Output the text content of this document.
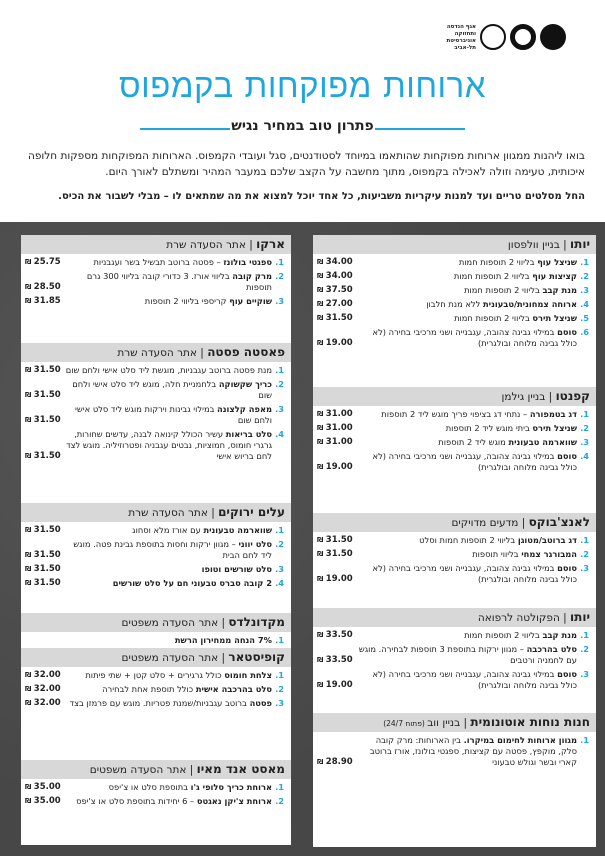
אגף הנדסה
ותחזוקה
אוניברסיטת תל-אביב
ארוחות מפוקחות בקמפוס
פתרון טוב במחיר נגיש
בואו ליהנות ממגוון ארוחות מפוקחות שהותאמו במיוחד לסטודנטים, סגל ועובדי הקמפוס. הארוחות המפוקחות מספקות חלופה איכותית, טעימה וזולה לאכילה בקמפוס, מתוך מחשבה על הקצב שלכם במעבר המהיר ומשתלם לאורך היום.
החל מסלטים טריים ועד למנות עיקריות משביעות, כל אחד יוכל למצוא את מה שמתאים לו – מבלי לשבור את הכיס.
ארקו | אתר הסעדה שרת
1.
ספגטי בולונז – פסטה ברוטב תבשיל בשר ועגבניות
₪ 25.75
2.
מרק קובה בליווי אורז. 3 כדורי קובה בליווי 300 גרם תוספות
₪ 28.50
3.
שוקיים עוף קריספי בליווי 2 תוספות
₪ 31.85
פאסטה פסטה | אתר הסעדה שרת
1.
מנת פסטה ברוטב עגבניות, מוגשת ליד סלט אישי ולחם שום
₪ 31.50
2.
כריך שקשוקה בלחמניית חלה, מוגש ליד סלט אישי ולחם שום
₪ 31.50
3.
מאפה קלצונה במילוי גבינות וירקות מוגש ליד סלט אישי ולחם שום
₪ 31.50
4.
סלט בריאות עשיר הכולל קינואה לבנה, עדשים שחורות, גרגרי חומוס, חמוציות, נבטים עגבניה ופטרוזיליה. מוגש לצד לחם בריוש אישי
₪ 31.50
עלים ירוקים | אתר הסעדה שרת
1.
שווארמה טבעונית עם אורז מלא וסחוג
₪ 31.50
2.
סלט יווני – מגוון ירקות וחסות בתוספת גבינת פטה. מוגש ליד לחם הבית
₪ 31.50
3.
סלט שורשים וטופו
₪ 31.50
4.
2 קובה סברס טבעוני חם על סלט שורשים
₪ 31.50
מקדונלדס | אתר הסעדה משפטים
1.
7% הנחה ממחירון הרשת
קופיסטאר | אתר הסעדה משפטים
1.
צלחת חומוס כולל גרגירים + סלט קטן + שתי פיתות
₪ 32.00
2.
סלט בהרכבה אישית כולל תוספת אחת לבחירה
₪ 32.00
3.
פסטה ברוטב עגבניות/שמנת פטריות. מוגש עם פרמזן בצד
₪ 32.00
מאסט אנד מאיו | אתר הסעדה משפטים
1.
ארוחת כריך סלופי ג'ו בתוספת סלט או צ'יפס
₪ 35.00
2.
ארוחת צ'יקן נאגטס – 6 יחידות בתוספת סלט או צ'יפס
₪ 35.00
יותו | בניין וולפסון
1.
שניצל עוף בליווי 2 תוספות חמות
₪ 34.00
2.
קציצות עוף בליווי 2 תוספות חמות
₪ 34.00
3.
מנת קבב בליווי 2 תוספות חמות
₪ 37.50
4.
ארוחה צמחונית/טבעונית ללא מנת חלבון
₪ 27.00
5.
שניצל תירס בליווי 2 תוספות חמות
₪ 31.50
6.
סוסם במילוי גבינה צהובה, עגבנייה ושני מרכיבי בחירה (לא כולל גבינה מלוחה ובולגרית)
₪ 19.00
קפנטו | בניין גילמן
1.
דג בטמפורה – נתחי דג בציפוי פריך מוגש ליד 2 תוספות
₪ 31.00
2.
שניצל תירס ביתי מוגש ליד 2 תוספות
₪ 31.00
3.
שווארמה טבעונית מוגש ליד 2 תוספות
₪ 31.00
4.
סוסם במילוי גבינה צהובה, עגבנייה ושני מרכיבי בחירה (לא כולל גבינה מלוחה ובולגרית)
₪ 19.00
לאנצ'בוקס | מדעים מדויקים
1.
דג ברוטב/מטוגן בליווי 2 תוספות חמות וסלט
₪ 31.50
2.
המבורגר צמחי בליווי תוספות
₪ 31.50
3.
סוסם במילוי גבינה צהובה, עגבנייה ושני מרכיבי בחירה (לא כולל גבינה מלוחה ובולגרית)
₪ 19.00
יותו | הפקולטה לרפואה
1.
מנת קבב בליווי 2 תוספות חמות
₪ 33.50
2.
סלט בהרכבה – מגוון ירקות בתוספת 3 תוספות לבחירה. מוגש עם לחמניה ורטבים
₪ 33.50
3.
סוסם במילוי גבינה צהובה, עגבנייה ושני מרכיבי בחירה (לא כולל גבינה מלוחה ובולגרית)
₪ 19.00
חנות נוחות אוטונומית | בניין ווב (פתוח 24/7)
1.
מגוון ארוחות לחימום במיקרו. בין הארוחות: מרק קובה סלק, מוקפץ, פסטה עם קציצות, ספגטי בולונז, אורז ברוטב קארי ובשר וגולש טבעוני
₪ 28.90
